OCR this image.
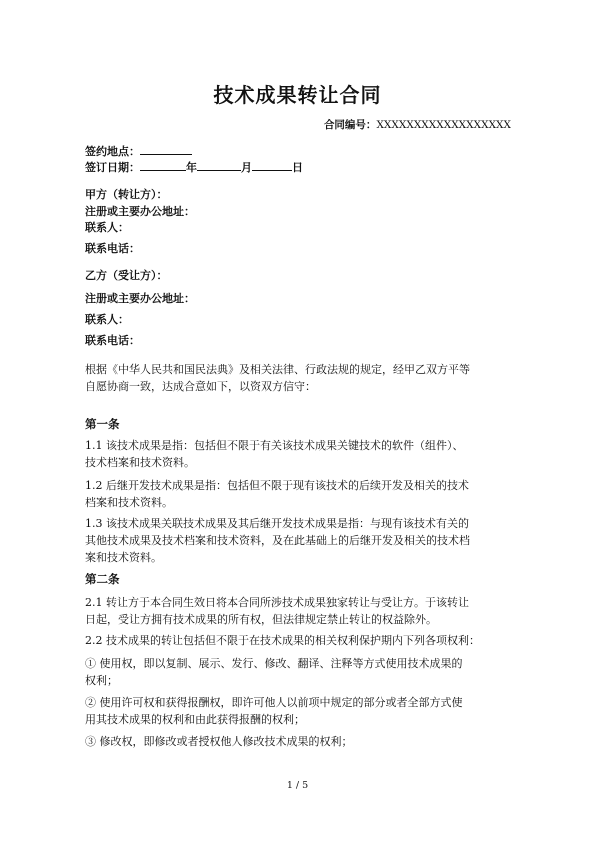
技术成果转让合同
合同编号：XXXXXXXXXXXXXXXXXX
签约地点：
签订日期：	年	月	日
甲方（转让方）：
注册或主要办公地址：
联系人：
联系电话：
乙方（受让方）：
注册或主要办公地址：
联系人：
联系电话：
根据《中华人民共和国民法典》及相关法律、行政法规的规定，经甲乙双方平等
自愿协商一致，达成合意如下，以资双方信守：
第一条
1.1 该技术成果是指：包括但不限于有关该技术成果关键技术的软件（组件）、
技术档案和技术资料。
1.2 后继开发技术成果是指：包括但不限于现有该技术的后续开发及相关的技术
档案和技术资料。
1.3 该技术成果关联技术成果及其后继开发技术成果是指：与现有该技术有关的
其他技术成果及技术档案和技术资料，及在此基础上的后继开发及相关的技术档
案和技术资料。
第二条
2.1 转让方于本合同生效日将本合同所涉技术成果独家转让与受让方。于该转让
日起，受让方拥有技术成果的所有权，但法律规定禁止转让的权益除外。
2.2 技术成果的转让包括但不限于在技术成果的相关权利保护期内下列各项权利：
① 使用权，即以复制、展示、发行、修改、翻译、注释等方式使用技术成果的
权利；
② 使用许可权和获得报酬权，即许可他人以前项中规定的部分或者全部方式使
用其技术成果的权利和由此获得报酬的权利；
③ 修改权，即修改或者授权他人修改技术成果的权利；
1 / 5
